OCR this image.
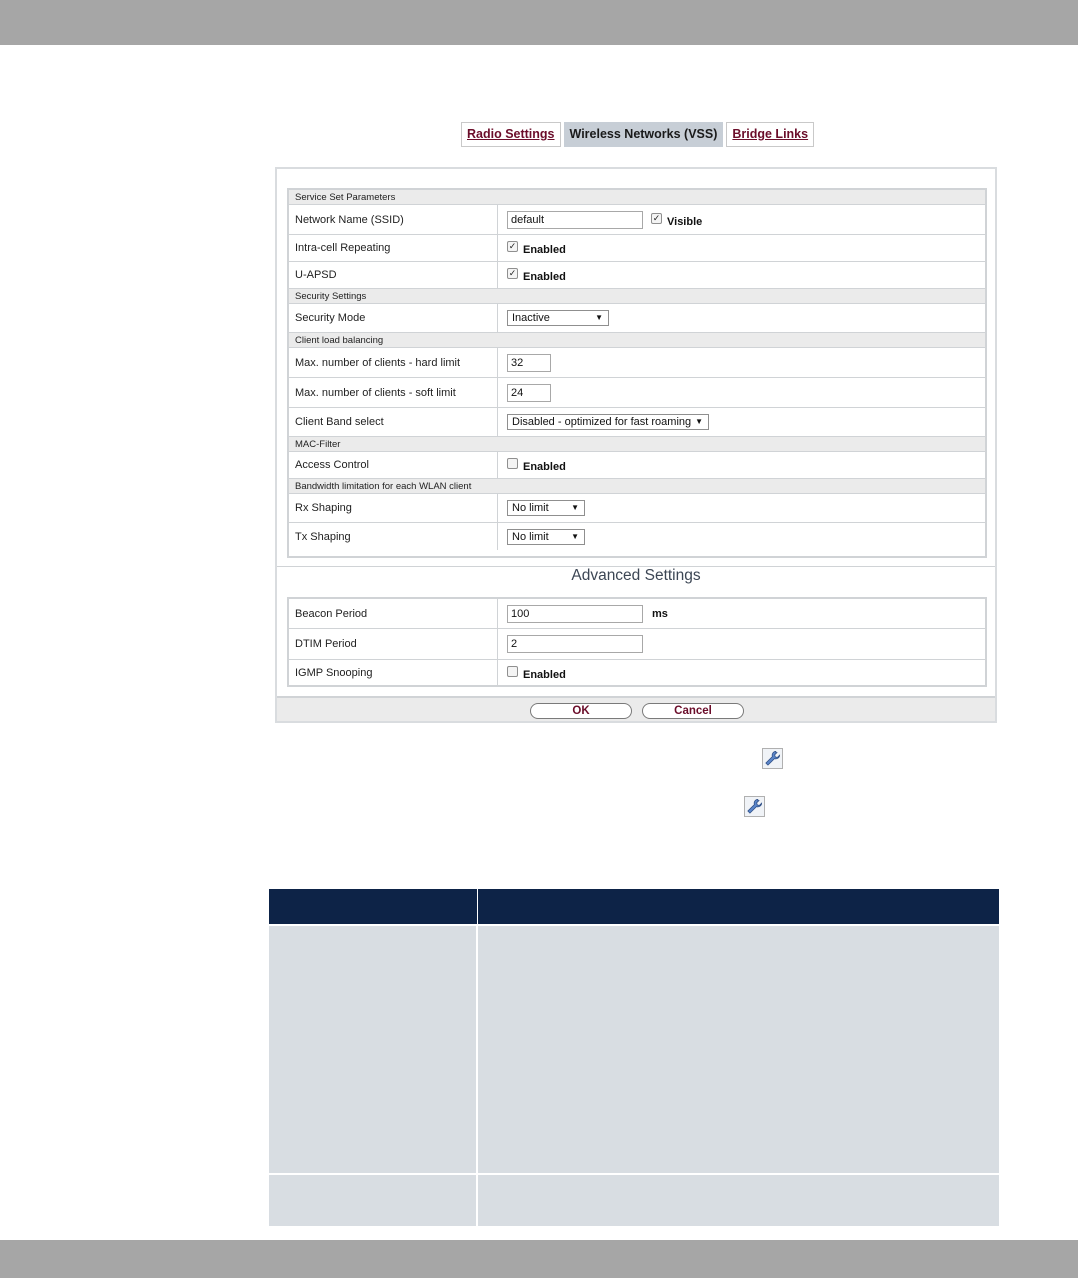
Radio Settings	Wireless Networks (VSS)	Bridge Links
Service Set Parameters
Network Name (SSID)	default	✓ Visible
Intra-cell Repeating	✓ Enabled
U-APSD	✓ Enabled
Security Settings
Security Mode	Inactive	▼
Client load balancing
Max. number of clients - hard limit	32
Max. number of clients - soft limit	24
Client Band select	Disabled - optimized for fast roaming ▼
MAC-Filter
Access Control	Enabled
Bandwidth limitation for each WLAN client
Rx Shaping	No limit	▼
Tx Shaping	No limit	▼
Advanced Settings
Beacon Period	100	ms
DTIM Period	2
IGMP Snooping	Enabled
OK	Cancel
